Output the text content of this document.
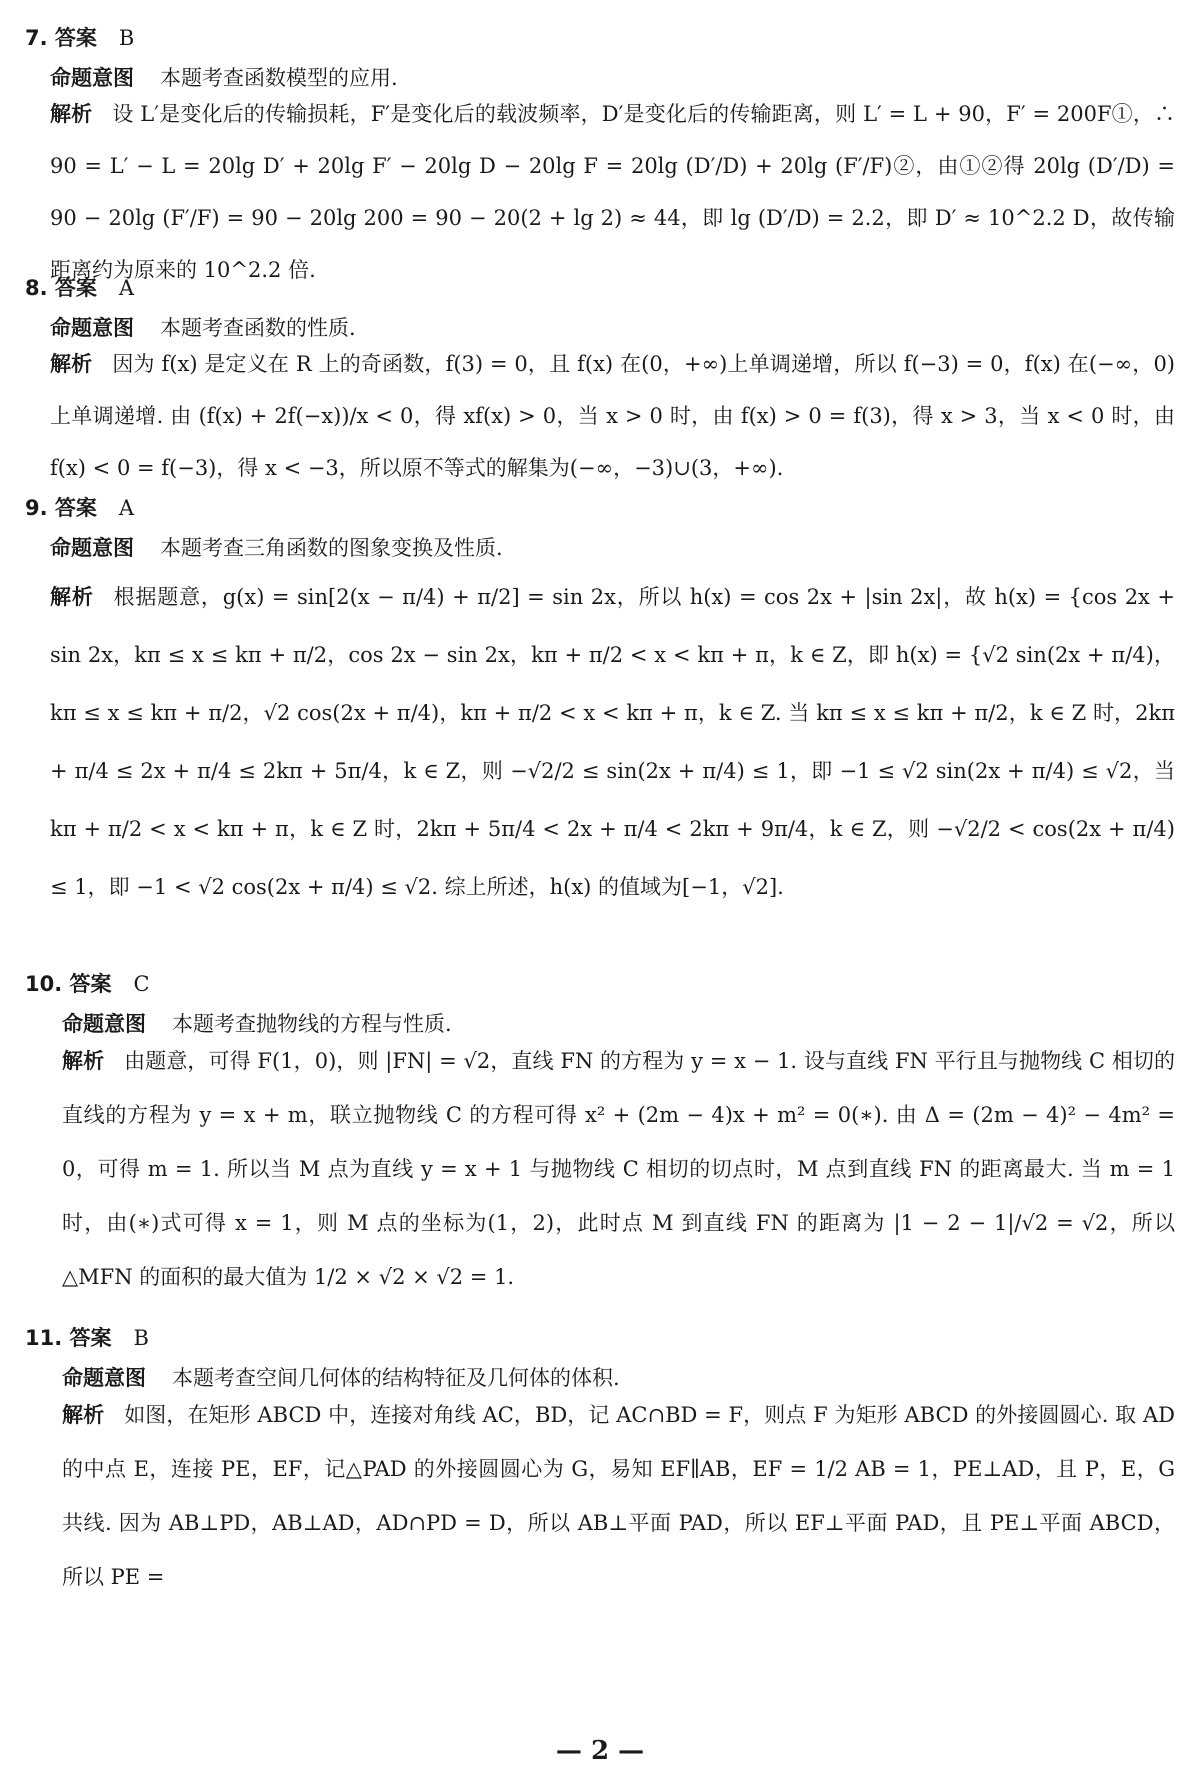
7. 答案 B
命题意图 本题考查函数模型的应用.
解析 设 L′是变化后的传输损耗，F′是变化后的载波频率，D′是变化后的传输距离，则 L′ = L + 90，F′ = 200F①，∴ 90 = L′ − L = 20lg D′ + 20lg F′ − 20lg D − 20lg F = 20lg (D′/D) + 20lg (F′/F)②，由①②得 20lg (D′/D) = 90 − 20lg (F′/F) = 90 − 20lg 200 = 90 − 20(2 + lg 2) ≈ 44，即 lg (D′/D) = 2.2，即 D′ ≈ 10^2.2 D，故传输距离约为原来的 10^2.2 倍.
8. 答案 A
命题意图 本题考查函数的性质.
解析 因为 f(x) 是定义在 R 上的奇函数，f(3) = 0，且 f(x) 在(0，+∞)上单调递增，所以 f(−3) = 0，f(x) 在(−∞，0)上单调递增. 由 (f(x) + 2f(−x))/x < 0，得 xf(x) > 0，当 x > 0 时，由 f(x) > 0 = f(3)，得 x > 3，当 x < 0 时，由 f(x) < 0 = f(−3)，得 x < −3，所以原不等式的解集为(−∞，−3)∪(3，+∞).
9. 答案 A
命题意图 本题考查三角函数的图象变换及性质.
解析 根据题意，g(x) = sin[2(x − π/4) + π/2] = sin 2x，所以 h(x) = cos 2x + |sin 2x|，故 h(x) = {cos 2x + sin 2x，kπ ≤ x ≤ kπ + π/2，cos 2x − sin 2x，kπ + π/2 < x < kπ + π，k ∈ Z，即 h(x) = {√2 sin(2x + π/4)，kπ ≤ x ≤ kπ + π/2，√2 cos(2x + π/4)，kπ + π/2 < x < kπ + π，k ∈ Z. 当 kπ ≤ x ≤ kπ + π/2，k ∈ Z 时，2kπ + π/4 ≤ 2x + π/4 ≤ 2kπ + 5π/4，k ∈ Z，则 −√2/2 ≤ sin(2x + π/4) ≤ 1，即 −1 ≤ √2 sin(2x + π/4) ≤ √2，当 kπ + π/2 < x < kπ + π，k ∈ Z 时，2kπ + 5π/4 < 2x + π/4 < 2kπ + 9π/4，k ∈ Z，则 −√2/2 < cos(2x + π/4) ≤ 1，即 −1 < √2 cos(2x + π/4) ≤ √2. 综上所述，h(x) 的值域为[−1，√2].
10. 答案 C
命题意图 本题考查抛物线的方程与性质.
解析 由题意，可得 F(1，0)，则 |FN| = √2，直线 FN 的方程为 y = x − 1. 设与直线 FN 平行且与抛物线 C 相切的直线的方程为 y = x + m，联立抛物线 C 的方程可得 x² + (2m − 4)x + m² = 0(∗). 由 Δ = (2m − 4)² − 4m² = 0，可得 m = 1. 所以当 M 点为直线 y = x + 1 与抛物线 C 相切的切点时，M 点到直线 FN 的距离最大. 当 m = 1 时，由(∗)式可得 x = 1，则 M 点的坐标为(1，2)，此时点 M 到直线 FN 的距离为 |1 − 2 − 1|/√2 = √2，所以△MFN 的面积的最大值为 1/2 × √2 × √2 = 1.
11. 答案 B
命题意图 本题考查空间几何体的结构特征及几何体的体积.
解析 如图，在矩形 ABCD 中，连接对角线 AC，BD，记 AC∩BD = F，则点 F 为矩形 ABCD 的外接圆圆心. 取 AD 的中点 E，连接 PE，EF，记△PAD 的外接圆圆心为 G，易知 EF∥AB，EF = 1/2 AB = 1，PE⊥AD，且 P，E，G 共线. 因为 AB⊥PD，AB⊥AD，AD∩PD = D，所以 AB⊥平面 PAD，所以 EF⊥平面 PAD，且 PE⊥平面 ABCD，所以 PE =
— 2 —
